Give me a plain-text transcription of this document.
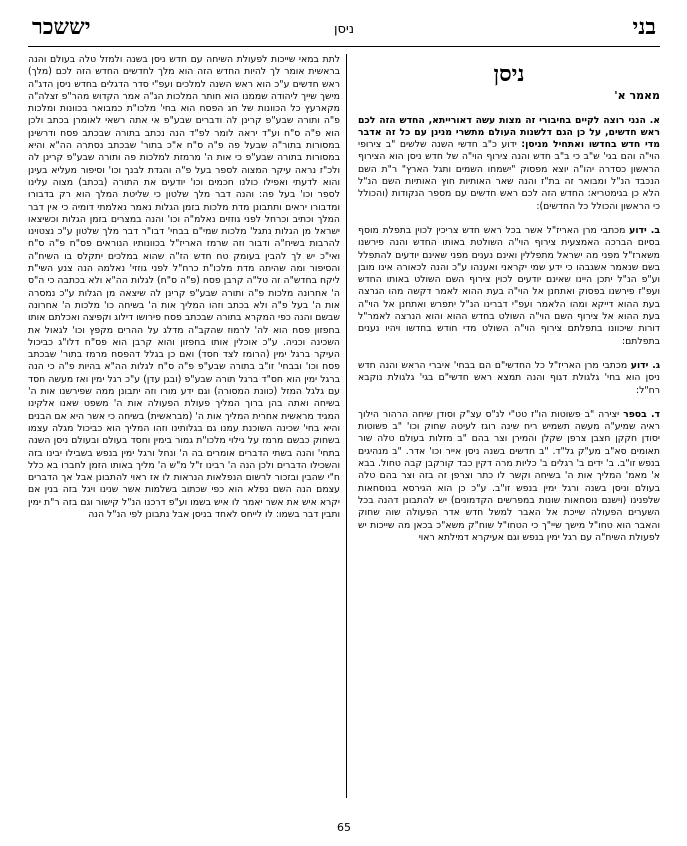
בני
ניסן
יששכר
ניסן
מאמר א'
א. הנני רוצה לקיים בחיבורי זה מצות עשה דאורייתא, החדש הזה לכם ראש חדשים, על כן הגם דלשנות העולם מתשרי מנינן עם כל זה אדבר מדי חדש בחדשו ואתחיל מניסן: ידוע כ"ב חדשי השנה שלשים "ב צירופי הוי"ה והם בגי' ש"ב כי ב"ב חדש והנה צירוף הוי"ה של חדש ניסן הוא הצירוף הראשון כסדרה יהו"ה יוצא מפסוק "ישמחו השמים ותגל הארץ" ר"ת השם הנכבד הנ"ל ומבואר זה בת"ז והנה שאר האותיות חוץ האותיות השם הנ"ל הלא כן בגימטריא: החדש הזה לכם ראש חדשים עם מספר הנקודות (והכולל כי הראשון והכולל כל החדשים):
ב. ידוע מכתבי מרן האריז"ל אשר בכל ראש חדש צריכין לכוין בתפלת מוסף בסיום הברכה האמצעית צירוף הוי"ה השולטת באותו החדש והנה פירשנו משארז"ל מפני מה ישראל מתפללין ואינם נענים מפני שאינם יודעים להתפלל בשם שנאמר אשגבהו כי ידע שמי יקראני ואענהו ע"כ והנה לכאורה אינו מובן וע"פ הנ"ל יתכן היינו שאינם יודעים לכוין צירוף השם השולט באותו החדש ועפ"ז פירשנו בפסוק ואתחנן אל הוי"ה בעת ההוא לאמר דקשה מהו הגרצה בעת ההוא דייקא ומהו הלאמר ועפ"י דברינו הנ"ל יתפרש ואתחנן אל הוי"ה בעת ההוא אל צירוף השם הוי"ה השולט בחדש ההוא והוא הנרצה לאמר"ל דורות שיכוונו בתפלתם צירוף הוי"ה השולט מדי חודש בחדשו ויהיו נענים בתפלתם:
ג. ידוע מכתבי מרן האריז"ל כל החדשי"ם הם בבחי' איברי הראש והנה חדש ניסן הוא בחי' גלגולת דגוף והנה תמצא ראש חדשי"ם בגי' גלגולת נוקבא רח"ל:
ד. בספר יצירה "ב פשוטות הו"ז טט"י לנ"ס עצ"ק וסודן שיחה הרהור הילוך ראיה שמיע"ה מעשה תשמיש ריח שינה רוגז לעיטה שחוק וכו' "ב פשוטות יסודן חקקן חצבן צרפן שקלן והמירן וצר בהם "ב מזלות בעולם טלה שור תאומים סא"ב מע"ק גל"ד. "ב חדשים בשנה ניסן אייר וכו' אדר. "ב מנהיגים בנפש זו"ב. ב' ידים ב' רגלים ב' כליות מרה דקין כבד קורקבן קבה טחול. בבא א' מאמ' המליך אות ה' בשיחה וקשר לו כתר וצרפן זה בזה וצר בהם טלה בעולם וניסן בשנה ורגל ימין בנפש זו"ב. ע"כ כן הוא הגירסא בנוסחאות שלפנינו (וישנם נוסחאות שונות במפרשים הקדמונים) יש להתבונן דהנה בכל השערים הפעולה שייכת אל האבר למשל חדש אדר הפעולה שוה שחוק והאבר הוא טחו"ל מישך שיי"ך כי הטחו"ל שוח"ק משא"כ בכאן מה שייכות יש לפעולת השיח"ה עם רגל ימין בנפש וגם אעיקרא דמילתא ראוי

לתת במאי שייכות לפעולת השיחה עם חדש ניסן בשנה ולמזל טלה בעולם והנה בראשית אומר לך להיות החדש הזה הוא מלך לחדשים החדש הזה לכם (מלך) ראש חדשים ע"כ הוא ראש השנה למלכים ועפ"י סדר הדגלים בחדש ניסן הדג"ה מישך שייך ליהודה שממנו הוא חותר המלכות הג"ה אמר הקדוש מהר"פ זצלה"ה מקארעץ כל הכוונות של חג הפסח הוא בחי' מלכו"ת כמבואר בכוונות ומלכות פ"ה ותורה שבע"פ קרינן לה ודברים שבע"פ אי אתה רשאי לאומרן בכתב ולכן הוא פ"ה ס"ח וע"ד יראה לומר לפ"ד הנה נכתב בתורה שבכתב פסח ודרשינן במסורות בתור"ה שבעל פה פ"ה ס"ח א"כ בתור' שבכתב נסתרה הה"א והיא במסורות בתורה שבע"פ כי אות ה' מרמזת למלכות פה ותורה שבע"פ קרינן לה ולכ"ז נראה עיקר המצוה לספר בעל פ"ה והגדת לבנך וכו' וסיפור מעליא בעינן והוא לדעתי ואפילו כולנו חכמים וכו' יודעים את התורה (בכתב) מצוה עלינו לספר וכו' בעל פה: והנה דבר מלך שלטון כי שליטת המלך הוא רק בדבורו ומדבורו יראים ותתבונן מדת מלכות בזמן הגלות נאמר נאלמתי דומיה כי אין דבר המלך וכתיב וכרחל לפני גוזזים נאלמ"ה וכו' והנה במצרים בזמן הגלות וכשיצאו ישראל מן הגלות נתגל' מלכות שמי"ם בבחי' דבו"ר דבר מלך שלטון ע"כ נצטוינו להרבות בשיח"ה ודבור וזה שרמז האריז"ל בכוונותיו הנוראים פס"ח פ"ה ס"ח ואי"כ יש לך להבין בעומק טח חדש הז"ה שהוא במלכים יתקלס בו השיח"ה והסיפור ומה שהיתה מדת מלכו"ת כרח"ל לפני גוזזי' נאלמה הנה צנע השי"ת ליקח בחדש"ה זה טל"ה קרבן פסח (פ"ה ס"ח) לגלות הה"א ולא בכתבה כי ה"ס ה' אחרונה מלכות פ"ה ותורה שבע"פ קרינן לה שיצאה מן הגלות ע"כ נמסרה אות ה' בעל פ"ה ולא בכתב וזהו המליך אות ה' בשיחה כו' מלכות ה' אחרונה שבשם והנה כפי המקרא בתורה שבכתב פסח פירושו דילוג וקפיצה ואכלתם אותו בחפזון פסח הוא לה' לרמוז שהקב"ה מדלג על ההרים מקפץ וכו' לגאול את השכינה וכניה. ע"כ אוכלין אותו בחפזון והוא קרבן הוא פס"ח דלו"ג כביכול העיקר ברגל ימין (הרומז לצד חסד) ואם כן בגלל דהפסח מרמז בתור' שבכתב פסח וכו' ובבחי' זו"ב בתורה שבע"פ פ"ה ס"ח לגלות הה"א בהיות פ"ה כי הנה ברגל ימין הוא חס"ד ברגל תורה שבע"פ (ובגן עדן) ע"כ רגל ימין ואז מעשה חסד עם גלגל המזל (כוונת המסורה) וגם ידע מורו וזה יתבונן ממה שפירשנו אות ה' בשיחה ואתה בהן ברוך המליך פעולת הפעולה אות ה' משפט שאנו אלקינו המגיד מראשית אחרית המליך אות ה' (מבראשית) בשיחה כי אשר היא אם הבנים והיא בחי' שכינה השוכנת עמנו גם בגלותינו וזהו המליך הוא כביכול מגלה עצמו בשחוק כבשם מרמז על גילוי מלכו"ת גמור בימין וחסד בעולם ובעולם ניסן השנה בתחי' והנה בשתי הדברים אומרים בה ה' ונחל ורגל ימין בנפש בשבילו יבינו בזה והשכילו הדברים ולכן הנה ה' רבינו ז"ל מ"ש ה' מליך באותו הזמן לחברו בא כלל ח"י שהבין ובזכור לרשום הנפלאות הנראות לו אז ראוי להתבונן אבל אך הדברים עצמם הנה השם נפלא הוא כפי שכתוב בשלמות אשר שנינו ויגל בזה בנין אם יקרא איש את אשר יאמר לו איש בשמו וע"פ דרכנו הנ"ל קישור וגם בזה ר"ת ימין ותבין דבר בשמו: לו לייחס לאחד בניסן אבל נתבונן לפי הנ"ל הנה

65
